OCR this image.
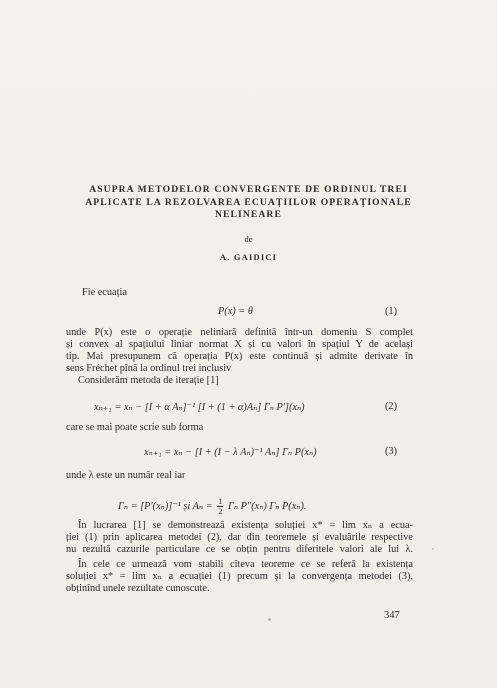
ASUPRA METODELOR CONVERGENTE DE ORDINUL TREI
APLICATE LA REZOLVAREA ECUAȚIILOR OPERAȚIONALE
NELINEARE
de
A. GAIDICI
Fie ecuația
P(x) = θ	(1)
unde P(x) este o operație neliniară definită într-un domeniu S complet
și convex al spațiului liniar normat X și cu valori în spațiul Y de același
tip. Mai presupunem că operația P(x) este continuă și admite derivate în
sens Fréchet pînă la ordinul trei inclusiv
Considerăm metoda de iterație [1]
xₙ₊₁ = xₙ − [I + α Aₙ]⁻¹ [I + (1 + α)Aₙ] Γₙ P′](xₙ)	(2)
care se mai poate scrie sub forma
xₙ₊₁ = xₙ − [I + (I − λ Aₙ)⁻¹ Aₙ] Γₙ P(xₙ)	(3)
unde λ este un număr real iar
Γₙ = [P′(xₙ)]⁻¹ și $A_n = \frac{1}{2}$ Γₙ P″(xₙ) Γₙ P(xₙ).
În lucrarea [1] se demonstrează existența soluției x* = lim xₙ a ecua-
ției (1) prin aplicarea metodei (2), dar din teoremele și evaluările respective
nu rezultă cazurile particulare ce se obțin pentru diferitele valori ale lui λ.
În cele ce urmează vom stabili cîteva teoreme ce se referă la existența
soluției x* = lim xₙ a ecuației (1) precum și la convergența metodei (3),
obținînd unele rezultate cunoscute.
347
